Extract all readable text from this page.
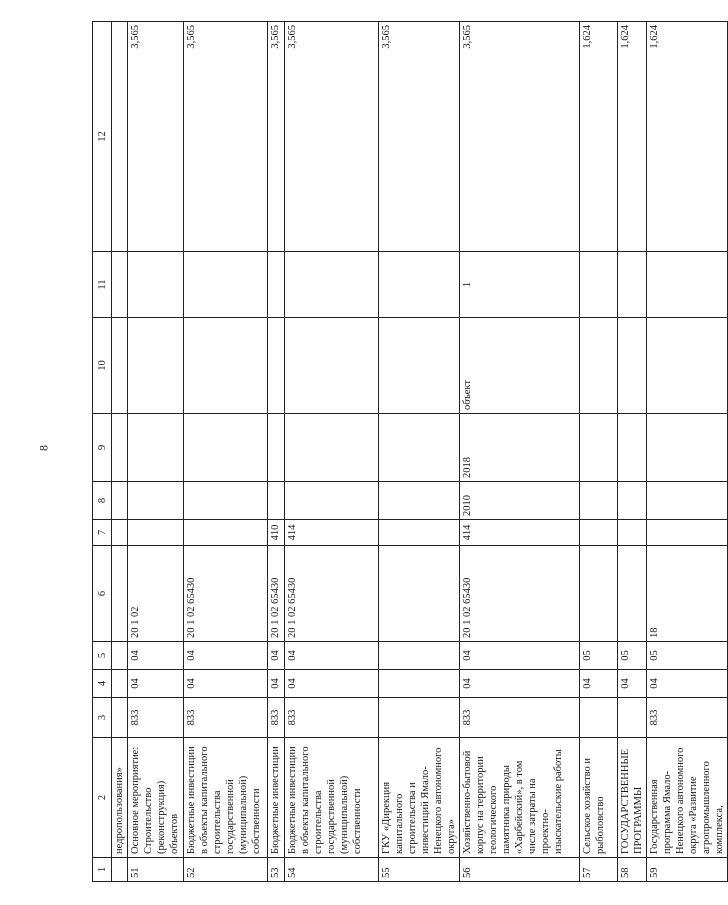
8
1	2	3	4	5	6	7	8	9	10	11	12
	недропользования»										
51	Основное мероприятие: Строительство (реконструкция) объектов	833	04	04	20 1 02						3,565
52	Бюджетные инвестиции в объекты капитального строительства государственной (муниципальной) собственности	833	04	04	20 1 02 65430						3,565
53	Бюджетные инвестиции	833	04	04	20 1 02 65430	410					3,565
54	Бюджетные инвестиции в объекты капитального строительства государственной (муниципальной) собственности	833	04	04	20 1 02 65430	414					3,565
55	ГКУ «Дирекция капитального строительства и инвестиций Ямало-Ненецкого автономного округа»										3,565
56	Хозяйственно-бытовой корпус на территории геологического памятника природы «Харбейский», в том числе затраты на проектно-изыскательские работы	833	04	04	20 1 02 65430	414	2010	2018	объект	1	3,565
57	Сельское хозяйство и рыболовство		04	05							1,624
58	ГОСУДАРСТВЕННЫЕ ПРОГРАММЫ		04	05							1,624
59	Государственная программа Ямало-Ненецкого автономного округа «Развитие агропромышленного комплекса,	833	04	05	18						1,624
